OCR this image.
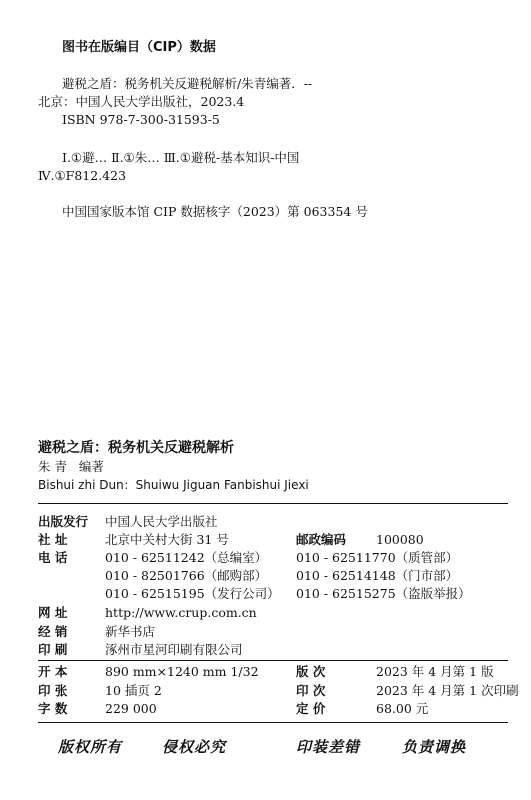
图书在版编目（CIP）数据
避税之盾：税务机关反避税解析/朱青编著．--
北京：中国人民大学出版社，2023.4
ISBN 978-7-300-31593-5
Ⅰ.①避… Ⅱ.①朱… Ⅲ.①避税-基本知识-中国
Ⅳ.①F812.423
中国国家版本馆 CIP 数据核字（2023）第 063354 号
避税之盾：税务机关反避税解析
朱 青 编著
Bishui zhi Dun：Shuiwu Jiguan Fanbishui Jiexi
出版发行 中国人民大学出版社
社 址	北京中关村大街 31 号	邮政编码 100080
电 话	010 - 62511242（总编室） 010 - 62511770（质管部）
010 - 82501766（邮购部） 010 - 62514148（门市部）
010 - 62515195（发行公司） 010 - 62515275（盗版举报）
网 址	http://www.crup.com.cn
经 销	新华书店
印 刷	涿州市星河印刷有限公司
开 本	890 mm×1240 mm 1/32	版 次	2023 年 4 月第 1 版
印 张	10 插页 2	印 次	2023 年 4 月第 1 次印刷
字 数	229 000	定 价	68.00 元
版权所有	侵权必究	印装差错	负责调换
